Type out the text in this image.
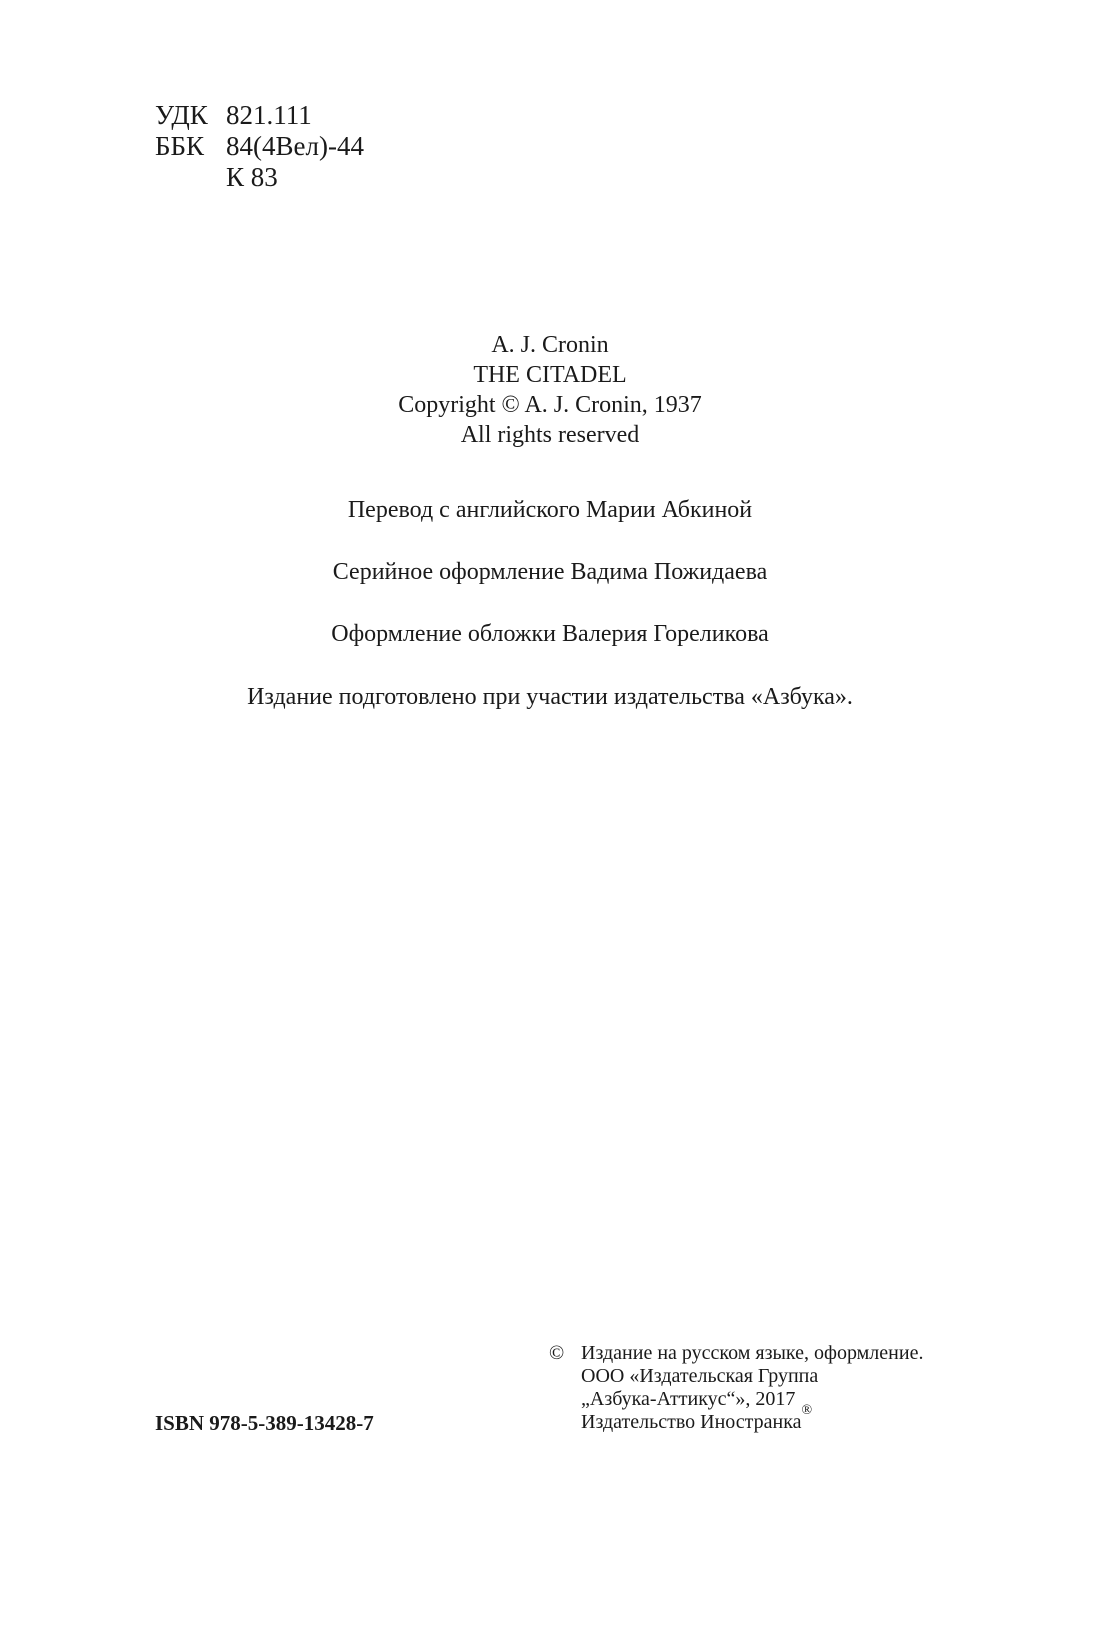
УДК 821.111
ББК 84(4Вел)-44
К 83
A. J. Cronin
THE CITADEL
Copyright © A. J. Cronin, 1937
All rights reserved
Перевод с английского Марии Абкиной
Серийное оформление Вадима Пожидаева
Оформление обложки Валерия Гореликова
Издание подготовлено при участии издательства «Азбука».
ISBN 978-5-389-13428-7
© Издание на русском языке, оформление.
ООО «Издательская Группа
„Азбука-Аттикус“», 2017
Издательство Иностранка
®
